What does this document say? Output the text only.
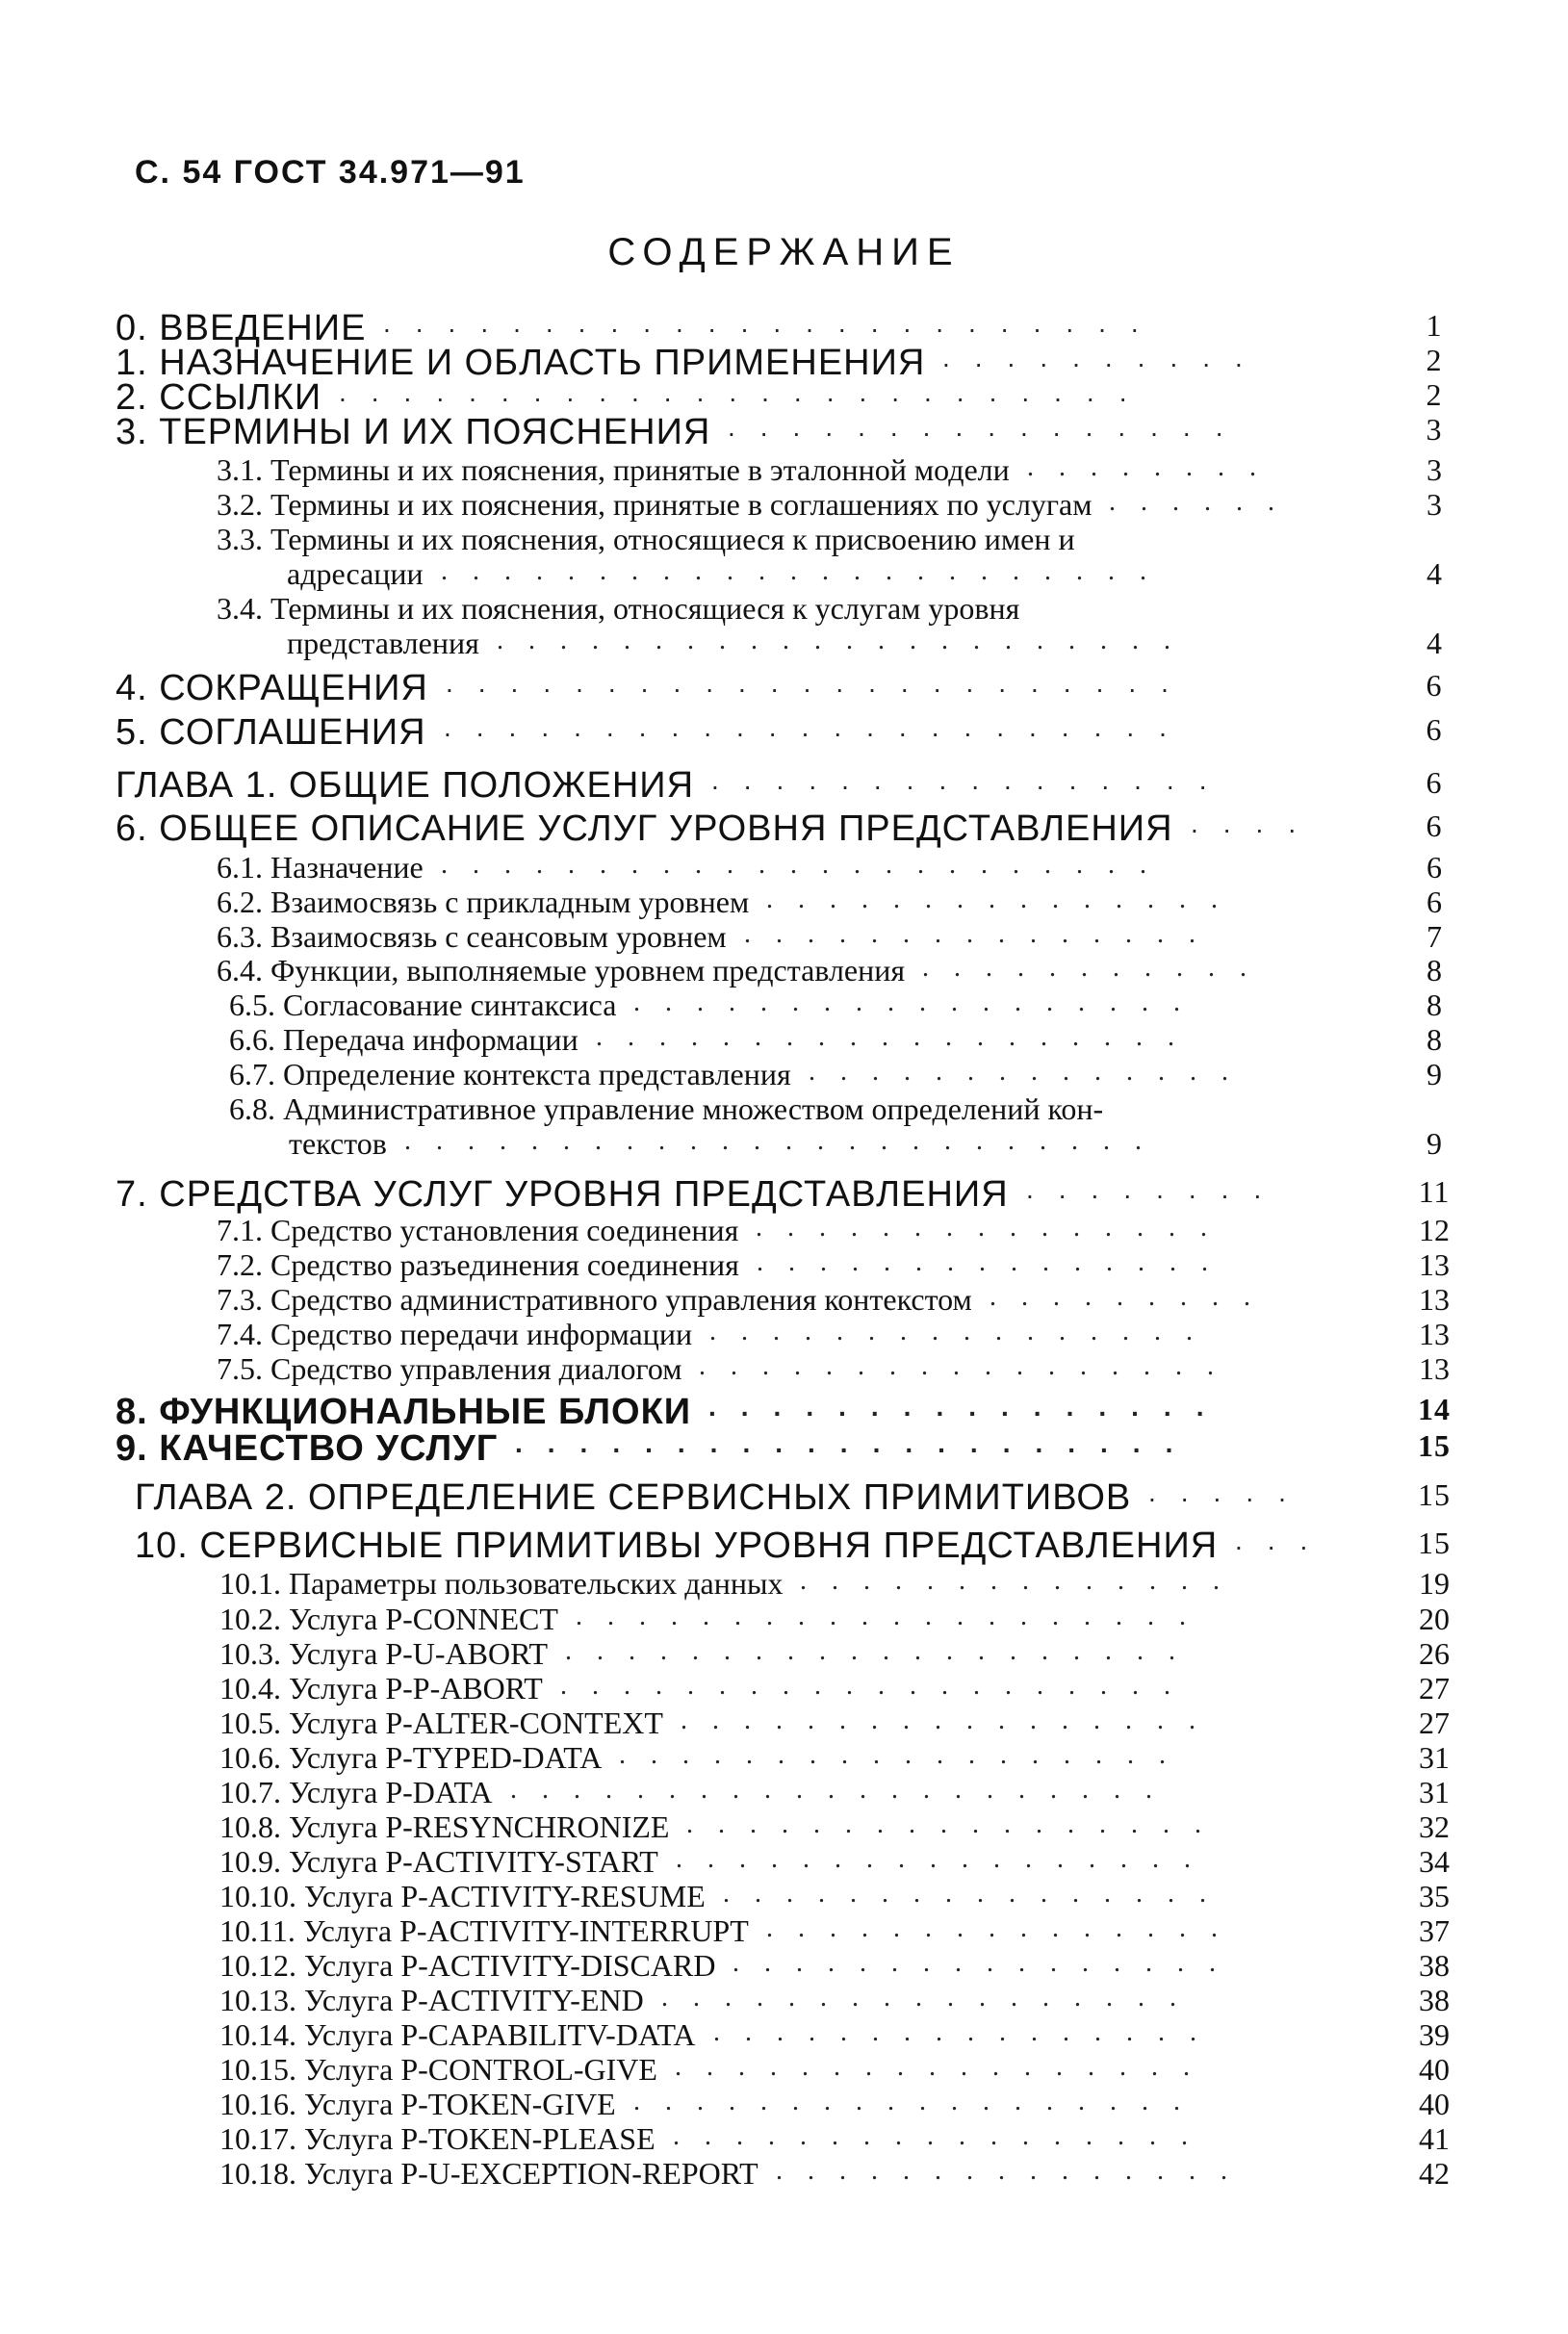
С. 54 ГОСТ 34.971—91
СОДЕРЖАНИЕ
0. ВВЕДЕНИЕ	1
........................
1. НАЗНАЧЕНИЕ И ОБЛАСТЬ ПРИМЕНЕНИЯ	2
..........
2. ССЫЛКИ	2
.........................
3. ТЕРМИНЫ И ИХ ПОЯСНЕНИЯ	3
................
3.1. Термины и их пояснения, принятые в эталонной модели	3
........
3.2. Термины и их пояснения, принятые в соглашениях по услугам	3
......
3.3. Термины и их пояснения, относящиеся к присвоению имен и
адресации	4
.......................
3.4. Термины и их пояснения, относящиеся к услугам уровня
представления	4
......................
4. СОКРАЩЕНИЯ	6
.......................
5. СОГЛАШЕНИЯ	6
.......................
ГЛАВА 1. ОБЩИЕ ПОЛОЖЕНИЯ	6
................
6. ОБЩЕЕ ОПИСАНИЕ УСЛУГ УРОВНЯ ПРЕДСТАВЛЕНИЯ	6
....
6.1. Назначение	6
.......................
6.2. Взаимосвязь с прикладным уровнем	6
...............
6.3. Взаимосвязь с сеансовым уровнем	7
...............
6.4. Функции, выполняемые уровнем представления	8
...........
6.5. Согласование синтаксиса	8
..................
6.6. Передача информации	8
...................
6.7. Определение контекста представления	9
..............
6.8. Административное управление множеством определений кон-
текстов	9
........................
7. СРЕДСТВА УСЛУГ УРОВНЯ ПРЕДСТАВЛЕНИЯ	11
........
7.1. Средство установления соединения	12
...............
7.2. Средство разъединения соединения	13
...............
7.3. Средство административного управления контекстом	13
.........
7.4. Средство передачи информации	13
................
7.5. Средство управления диалогом	13
.................
8. ФУНКЦИОНАЛЬНЫЕ БЛОКИ	14
................
9. КАЧЕСТВО УСЛУГ	15
.....................
ГЛАВА 2. ОПРЕДЕЛЕНИЕ СЕРВИСНЫХ ПРИМИТИВОВ	15
.....
10. СЕРВИСНЫЕ ПРИМИТИВЫ УРОВНЯ ПРЕДСТАВЛЕНИЯ	15
...
10.1. Параметры пользовательских данных	19
..............
10.2. Услуга P-CONNECT	20
....................
10.3. Услуга P-U-ABORT	26
....................
10.4. Услуга P-P-ABORT	27
....................
10.5. Услуга P-ALTER-CONTEXT	27
.................
10.6. Услуга P-TYPED-DATA	31
..................
10.7. Услуга P-DATA	31
.....................
10.8. Услуга P-RESYNCHRONIZE	32
.................
10.9. Услуга P-ACTIVITY-START	34
.................
10.10. Услуга P-ACTIVITY-RESUME	35
................
10.11. Услуга P-ACTIVITY-INTERRUPT	37
...............
10.12. Услуга P-ACTIVITY-DISCARD	38
................
10.13. Услуга P-ACTIVITY-END	38
.................
10.14. Услуга P-CAPABILITV-DATA	39
................
10.15. Услуга P-CONTROL-GIVE	40
.................
10.16. Услуга P-TOKEN-GIVE	40
..................
10.17. Услуга P-TOKEN-PLEASE	41
.................
10.18. Услуга P-U-EXCEPTION-REPORT	42
...............
